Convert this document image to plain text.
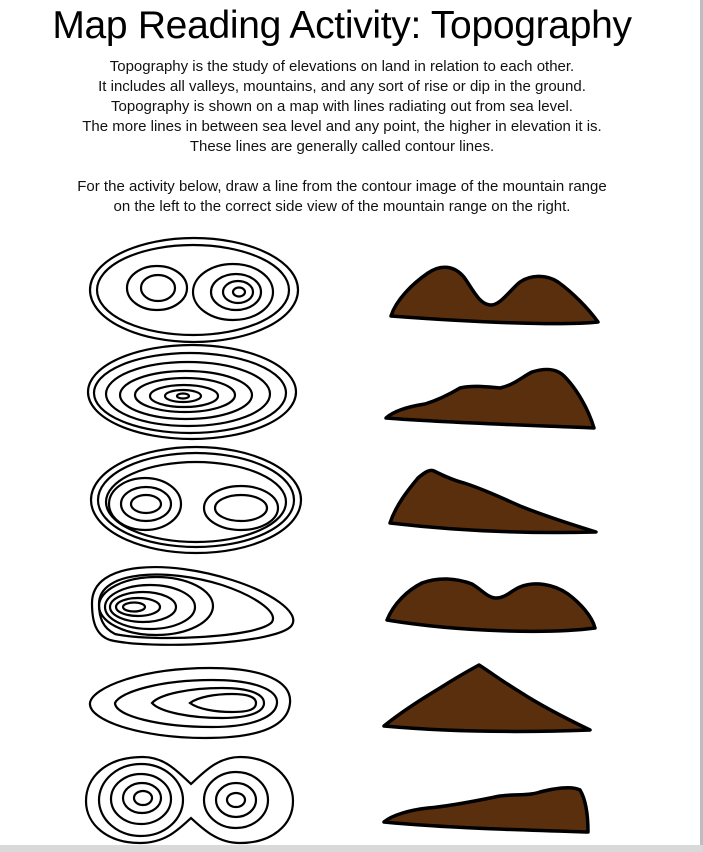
Map Reading Activity: Topography
Topography is the study of elevations on land in relation to each other.
It includes all valleys, mountains, and any sort of rise or dip in the ground.
Topography is shown on a map with lines radiating out from sea level.
The more lines in between sea level and any point, the higher in elevation it is.
These lines are generally called contour lines.
For the activity below, draw a line from the contour image of the mountain range
on the left to the correct side view of the mountain range on the right.
